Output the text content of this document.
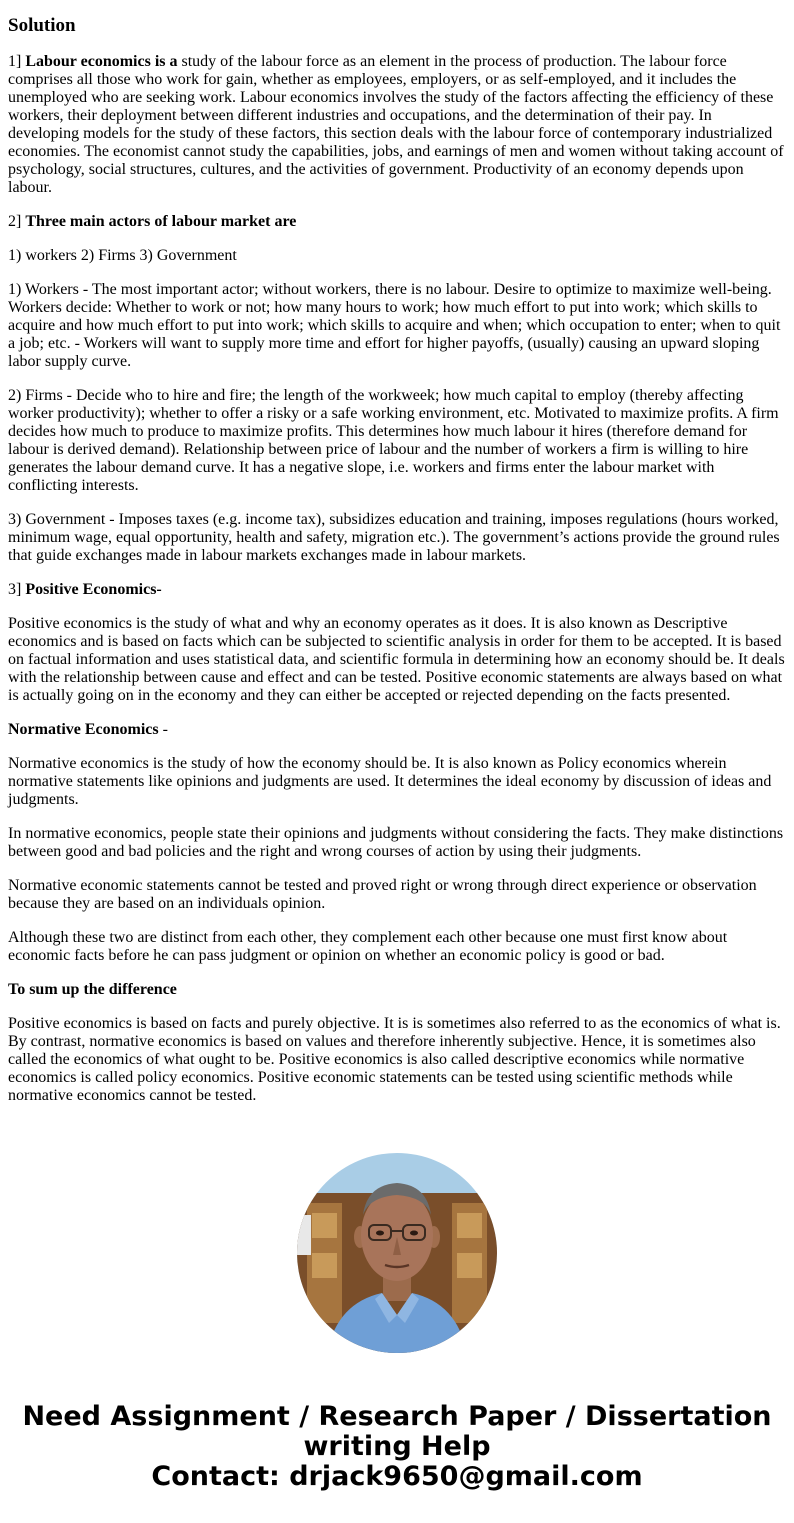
Solution

1] Labour economics is a study of the labour force as an element in the process of production. The labour force comprises all those who work for gain, whether as employees, employers, or as self-employed, and it includes the unemployed who are seeking work. Labour economics involves the study of the factors affecting the efficiency of these workers, their deployment between different industries and occupations, and the determination of their pay. In developing models for the study of these factors, this section deals with the labour force of contemporary industrialized economies. The economist cannot study the capabilities, jobs, and earnings of men and women without taking account of psychology, social structures, cultures, and the activities of government. Productivity of an economy depends upon labour.

2] Three main actors of labour market are

1) workers 2) Firms 3) Government

1) Workers - The most important actor; without workers, there is no labour. Desire to optimize to maximize well-being. Workers decide: Whether to work or not; how many hours to work; how much effort to put into work; which skills to acquire and how much effort to put into work; which skills to acquire and when; which occupation to enter; when to quit a job; etc. - Workers will want to supply more time and effort for higher payoffs, (usually) causing an upward sloping labor supply curve.

2) Firms - Decide who to hire and fire; the length of the workweek; how much capital to employ (thereby affecting worker productivity); whether to offer a risky or a safe working environment, etc. Motivated to maximize profits. A firm decides how much to produce to maximize profits. This determines how much labour it hires (therefore demand for labour is derived demand). Relationship between price of labour and the number of workers a firm is willing to hire generates the labour demand curve. It has a negative slope, i.e. workers and firms enter the labour market with conflicting interests.

3) Government - Imposes taxes (e.g. income tax), subsidizes education and training, imposes regulations (hours worked, minimum wage, equal opportunity, health and safety, migration etc.). The government’s actions provide the ground rules that guide exchanges made in labour markets exchanges made in labour markets.

3] Positive Economics-

Positive economics is the study of what and why an economy operates as it does. It is also known as Descriptive economics and is based on facts which can be subjected to scientific analysis in order for them to be accepted. It is based on factual information and uses statistical data, and scientific formula in determining how an economy should be. It deals with the relationship between cause and effect and can be tested. Positive economic statements are always based on what is actually going on in the economy and they can either be accepted or rejected depending on the facts presented.

Normative Economics -

Normative economics is the study of how the economy should be. It is also known as Policy economics wherein normative statements like opinions and judgments are used. It determines the ideal economy by discussion of ideas and judgments.

In normative economics, people state their opinions and judgments without considering the facts. They make distinctions between good and bad policies and the right and wrong courses of action by using their judgments.

Normative economic statements cannot be tested and proved right or wrong through direct experience or observation because they are based on an individuals opinion.

Although these two are distinct from each other, they complement each other because one must first know about economic facts before he can pass judgment or opinion on whether an economic policy is good or bad.

To sum up the difference

Positive economics is based on facts and purely objective. It is is sometimes also referred to as the economics of what is. By contrast, normative economics is based on values and therefore inherently subjective. Hence, it is sometimes also called the economics of what ought to be. Positive economics is also called descriptive economics while normative economics is called policy economics. Positive economic statements can be tested using scientific methods while normative economics cannot be tested.

Need Assignment / Research Paper / Dissertation
writing Help
Contact: drjack9650@gmail.com
